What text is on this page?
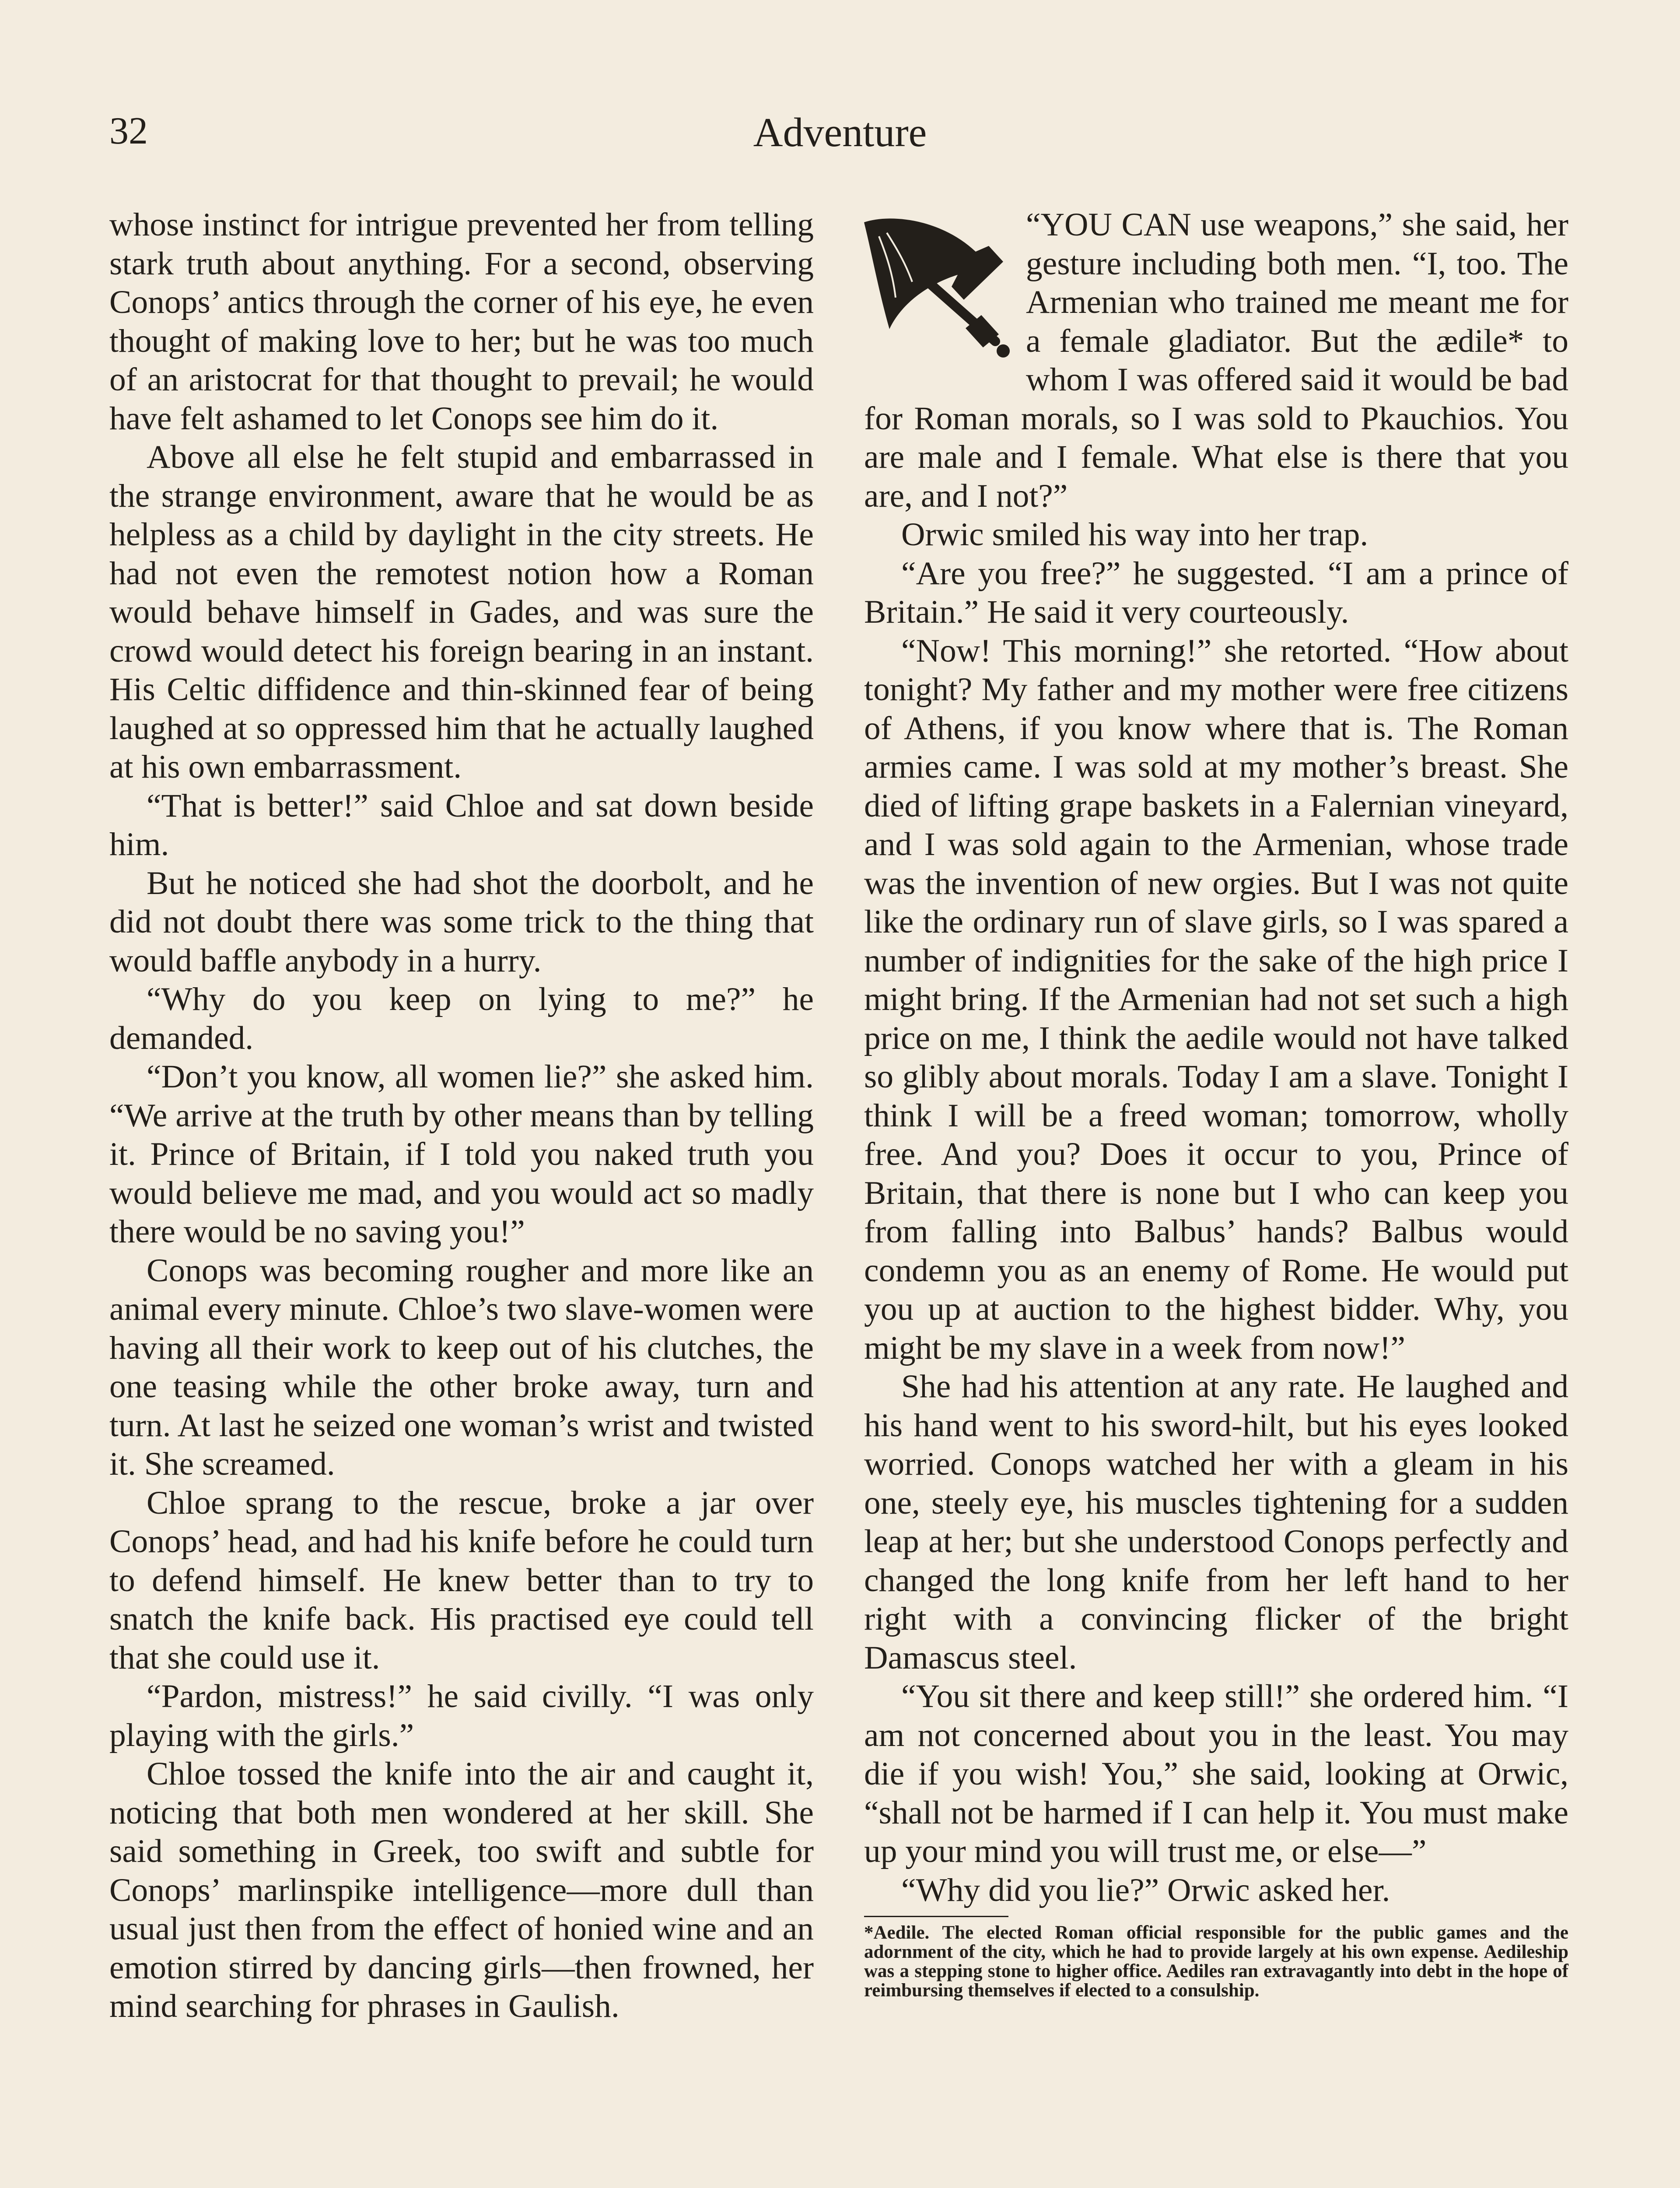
32	Adventure

whose instinct for intrigue prevented her from telling stark truth about anything. For a second, observing Conops’ antics through the corner of his eye, he even thought of making love to her; but he was too much of an aristocrat for that thought to prevail; he would have felt ashamed to let Conops see him do it.

Above all else he felt stupid and embarrassed in the strange environment, aware that he would be as helpless as a child by daylight in the city streets. He had not even the remotest notion how a Roman would behave himself in Gades, and was sure the crowd would detect his foreign bearing in an instant. His Celtic diffidence and thin-skinned fear of being laughed at so oppressed him that he actually laughed at his own embarrassment.

“That is better!” said Chloe and sat down beside him.

But he noticed she had shot the doorbolt, and he did not doubt there was some trick to the thing that would baffle anybody in a hurry.

“Why do you keep on lying to me?” he demanded.

“Don’t you know, all women lie?” she asked him. “We arrive at the truth by other means than by telling it. Prince of Britain, if I told you naked truth you would believe me mad, and you would act so madly there would be no saving you!”

Conops was becoming rougher and more like an animal every minute. Chloe’s two slave-women were having all their work to keep out of his clutches, the one teasing while the other broke away, turn and turn. At last he seized one woman’s wrist and twisted it. She screamed.

Chloe sprang to the rescue, broke a jar over Conops’ head, and had his knife before he could turn to defend himself. He knew better than to try to snatch the knife back. His practised eye could tell that she could use it.

“Pardon, mistress!” he said civilly. “I was only playing with the girls.”

Chloe tossed the knife into the air and caught it, noticing that both men wondered at her skill. She said something in Greek, too swift and subtle for Conops’ marlinspike intelligence—more dull than usual just then from the effect of honied wine and an emotion stirred by dancing girls—then frowned, her mind searching for phrases in Gaulish.

“YOU CAN use weapons,” she said, her gesture including both men. “I, too. The Armenian who trained me meant me for a female gladiator. But the ædile* to whom I was offered said it would be bad for Roman morals, so I was sold to Pkauchios. You are male and I female. What else is there that you are, and I not?”

Orwic smiled his way into her trap.

“Are you free?” he suggested. “I am a prince of Britain.” He said it very courteously.

“Now! This morning!” she retorted. “How about tonight? My father and my mother were free citizens of Athens, if you know where that is. The Roman armies came. I was sold at my mother’s breast. She died of lifting grape baskets in a Falernian vineyard, and I was sold again to the Armenian, whose trade was the invention of new orgies. But I was not quite like the ordinary run of slave girls, so I was spared a number of indignities for the sake of the high price I might bring. If the Armenian had not set such a high price on me, I think the aedile would not have talked so glibly about morals. Today I am a slave. Tonight I think I will be a freed woman; tomorrow, wholly free. And you? Does it occur to you, Prince of Britain, that there is none but I who can keep you from falling into Balbus’ hands? Balbus would condemn you as an enemy of Rome. He would put you up at auction to the highest bidder. Why, you might be my slave in a week from now!”

She had his attention at any rate. He laughed and his hand went to his sword-hilt, but his eyes looked worried. Conops watched her with a gleam in his one, steely eye, his muscles tightening for a sudden leap at her; but she understood Conops perfectly and changed the long knife from her left hand to her right with a convincing flicker of the bright Damascus steel.

“You sit there and keep still!” she ordered him. “I am not concerned about you in the least. You may die if you wish! You,” she said, looking at Orwic, “shall not be harmed if I can help it. You must make up your mind you will trust me, or else—”

“Why did you lie?” Orwic asked her.

*Aedile. The elected Roman official responsible for the public games and the adornment of the city, which he had to provide largely at his own expense. Aedileship was a stepping stone to higher office. Aediles ran extravagantly into debt in the hope of reimbursing themselves if elected to a consulship.
